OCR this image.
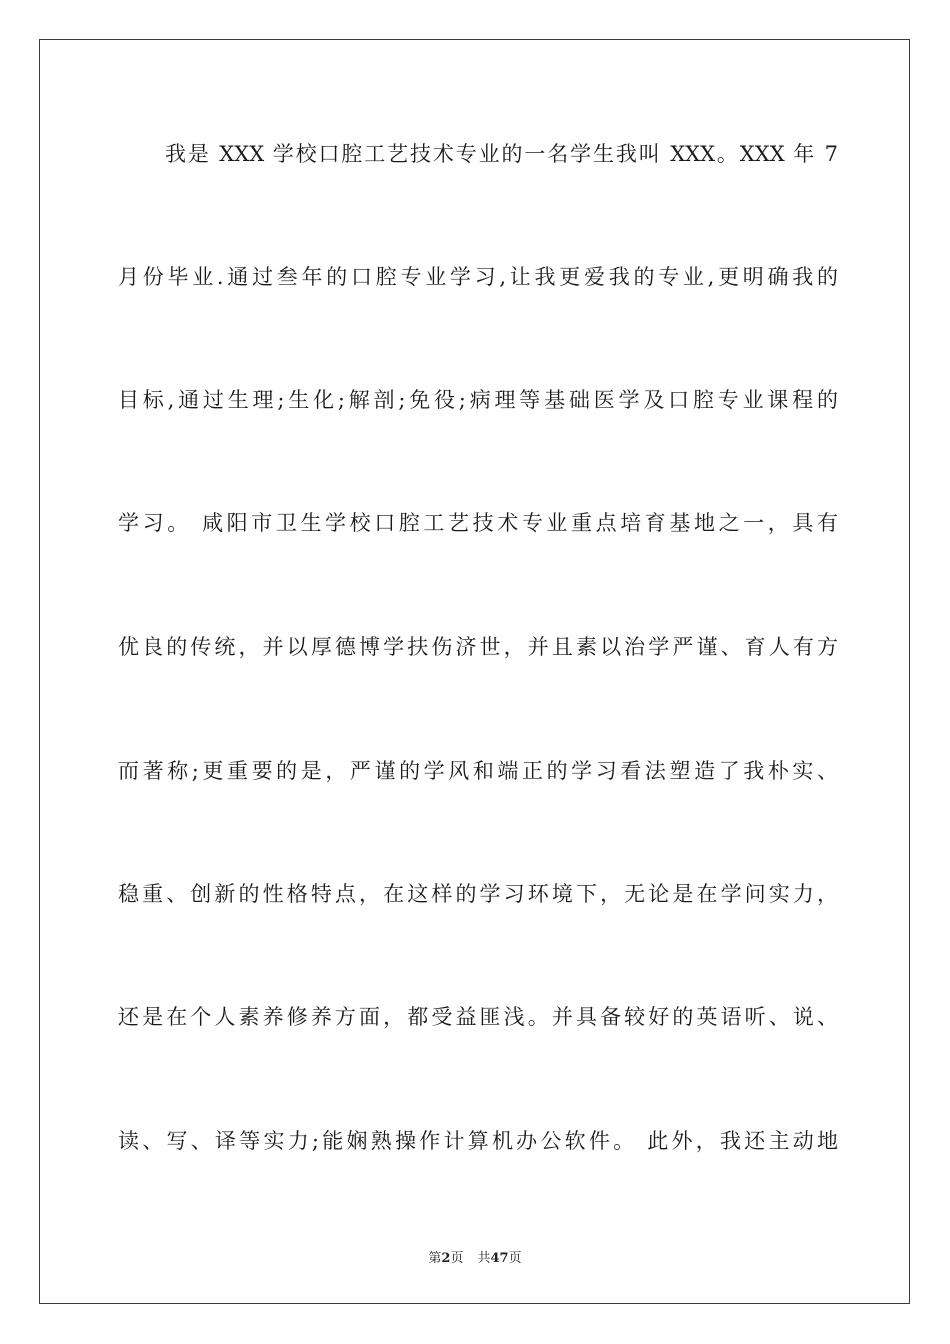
我是 XXX 学校口腔工艺技术专业的一名学生我叫 XXX。XXX 年 7
月份毕业.通过叁年的口腔专业学习,让我更爱我的专业,更明确我的
目标,通过生理;生化;解剖;免役;病理等基础医学及口腔专业课程的
学习。 咸阳市卫生学校口腔工艺技术专业重点培育基地之一，具有
优良的传统，并以厚德博学扶伤济世，并且素以治学严谨、育人有方
而著称;更重要的是，严谨的学风和端正的学习看法塑造了我朴实、
稳重、创新的性格特点，在这样的学习环境下，无论是在学问实力，
还是在个人素养修养方面，都受益匪浅。并具备较好的英语听、说、
读、写、译等实力;能娴熟操作计算机办公软件。 此外，我还主动地
第2页 共47页
